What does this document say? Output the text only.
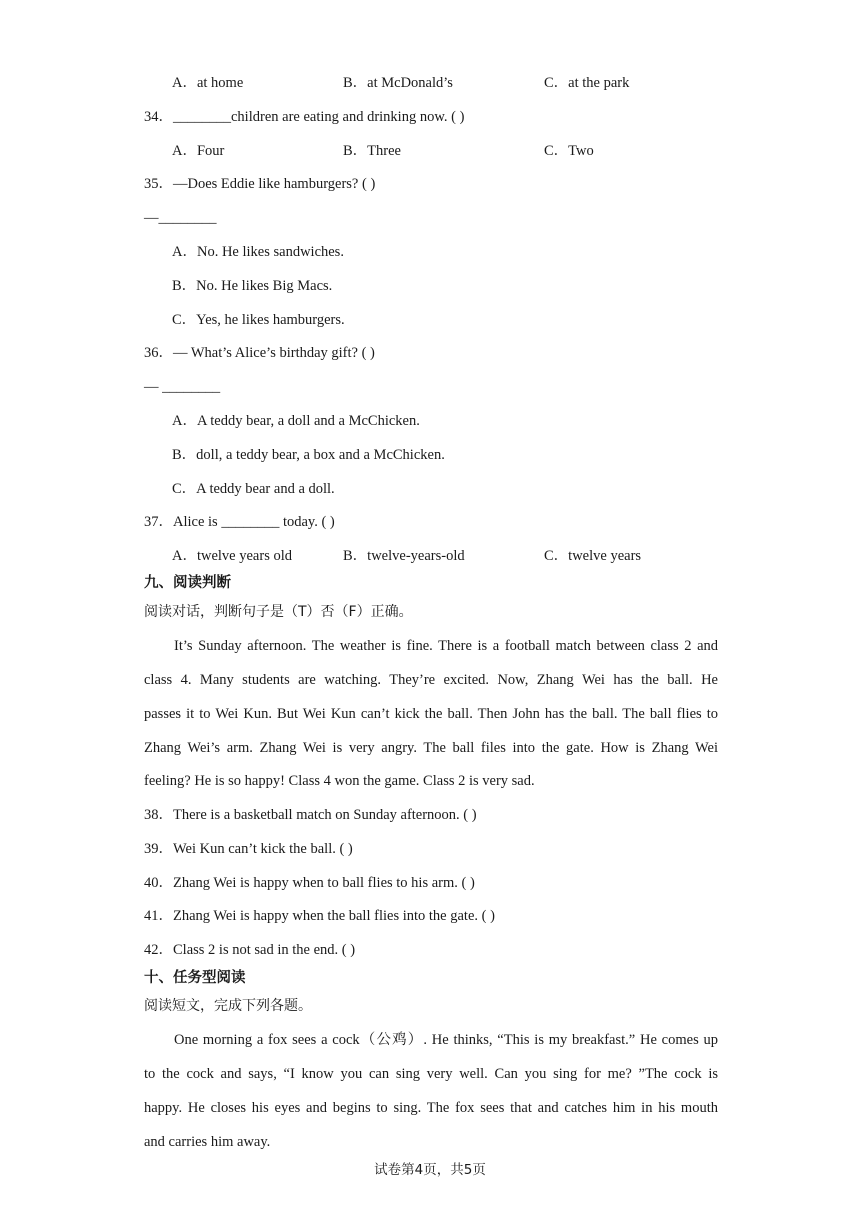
A．at home	B．at McDonald’s	C．at the park
34．________children are eating and drinking now. ( )
A．Four	B．Three	C．Two
35．—Does Eddie like hamburgers? ( )
—________
A．No. He likes sandwiches.
B．No. He likes Big Macs.
C．Yes, he likes hamburgers.
36．— What’s Alice’s birthday gift? ( )
— ________
A．A teddy bear, a doll and a McChicken.
B．doll, a teddy bear, a box and a McChicken.
C．A teddy bear and a doll.
37．Alice is ________ today. ( )
A．twelve years old	B．twelve-years-old	C．twelve years
九、阅读判断
阅读对话，判断句子是（T）否（F）正确。
It’s Sunday afternoon. The weather is fine. There is a football match between class 2 and
class 4. Many students are watching. They’re excited. Now, Zhang Wei has the ball. He
passes it to Wei Kun. But Wei Kun can’t kick the ball. Then John has the ball. The ball flies to
Zhang Wei’s arm. Zhang Wei is very angry. The ball files into the gate. How is Zhang Wei
feeling? He is so happy! Class 4 won the game. Class 2 is very sad.
38．There is a basketball match on Sunday afternoon. ( )
39．Wei Kun can’t kick the ball. ( )
40．Zhang Wei is happy when to ball flies to his arm. ( )
41．Zhang Wei is happy when the ball flies into the gate. ( )
42．Class 2 is not sad in the end. ( )
十、任务型阅读
阅读短文，完成下列各题。
One morning a fox sees a cock（公鸡）. He thinks, “This is my breakfast.” He comes up
to the cock and says, “I know you can sing very well. Can you sing for me? ”The cock is
happy. He closes his eyes and begins to sing. The fox sees that and catches him in his mouth
and carries him away.
试卷第4页，共5页
